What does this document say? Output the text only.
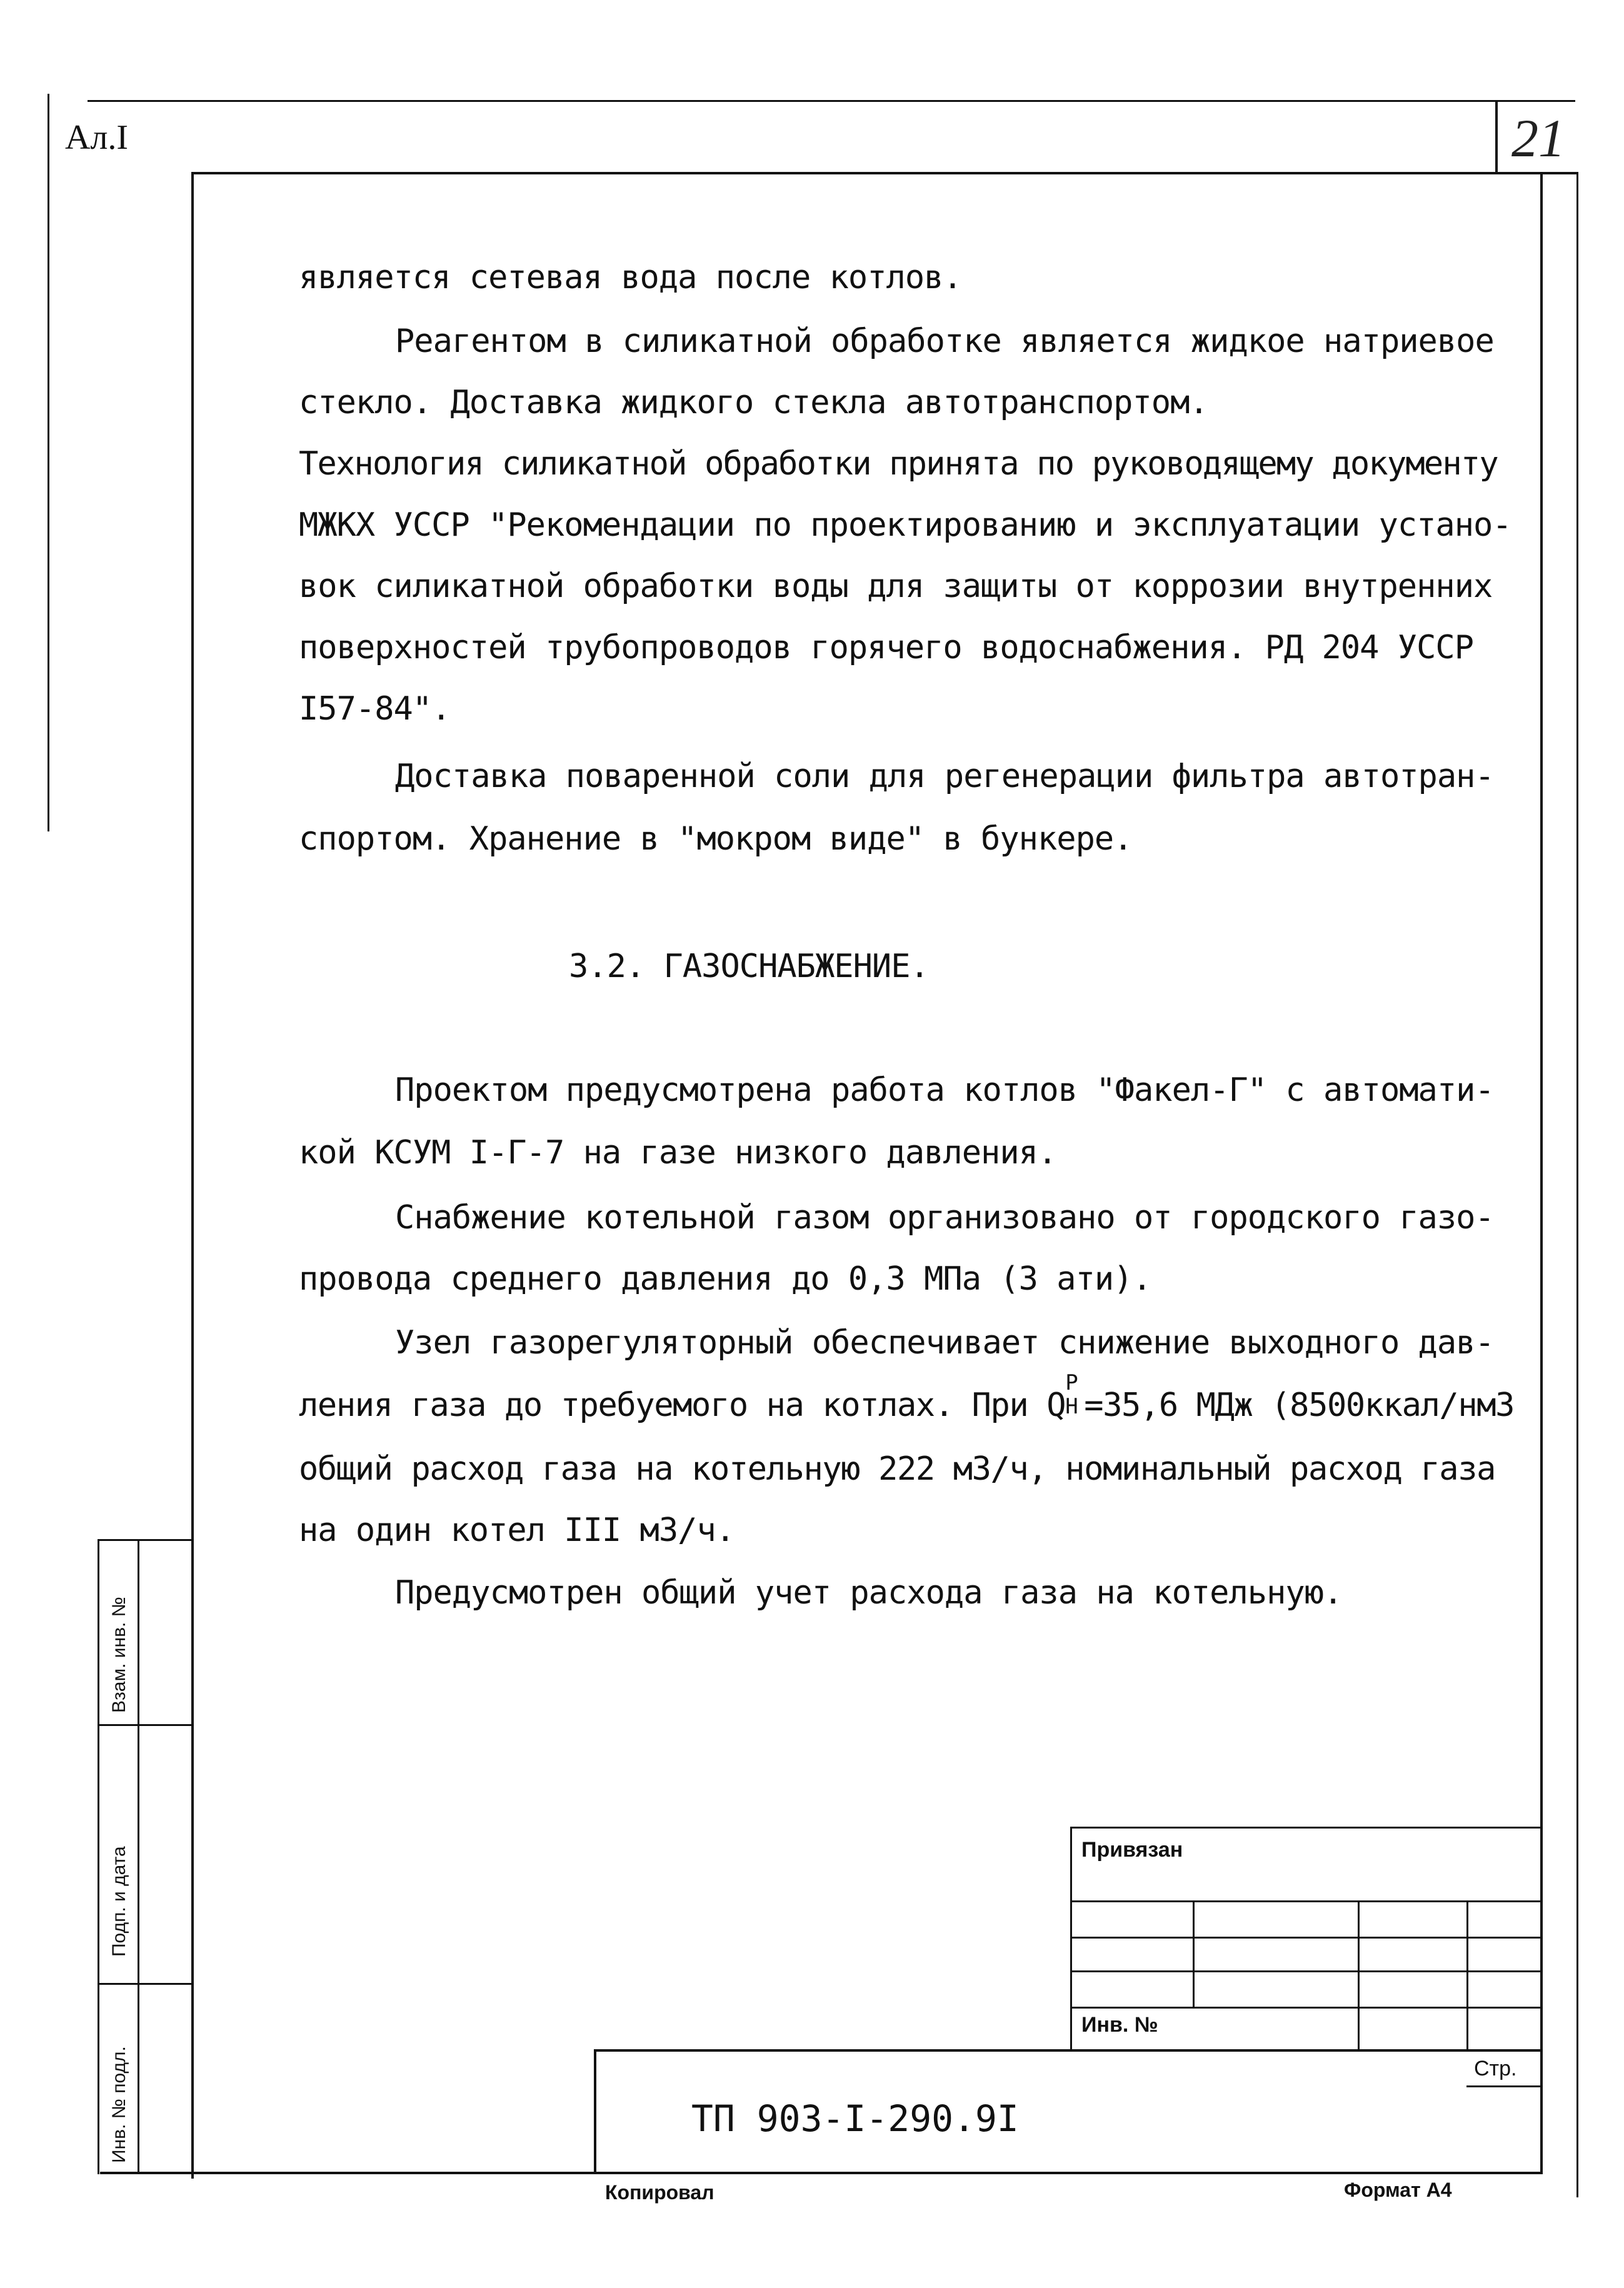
Ал.I	21
является сетевая вода после котлов.
Реагентом в силикатной обработке является жидкое натриевое
стекло. Доставка жидкого стекла автотранспортом.
Технология силикатной обработки принята по руководящему документу
МЖКХ УССР "Рекомендации по проектированию и эксплуатации устано-
вок силикатной обработки воды для защиты от коррозии внутренних
поверхностей трубопроводов горячего водоснабжения. РД 204 УССР
I57-84".
Доставка поваренной соли для регенерации фильтра автотран-
спортом. Хранение в "мокром виде" в бункере.
3.2. ГАЗОСНАБЖЕНИЕ.
Проектом предусмотрена работа котлов "Факел-Г" с автомати-
кой КСУМ I-Г-7 на газе низкого давления.
Снабжение котельной газом организовано от городского газо-
провода среднего давления до 0,3 МПа (3 ати).
Узел газорегуляторный обеспечивает снижение выходного дав-
ления газа до требуемого на котлах. При Q
Р
Н =35,6 МДж (8500ккал/нм3
общий расход газа на котельную 222 м3/ч, номинальный расход газа
на один котел III м3/ч.
Предусмотрен общий учет расхода газа на котельную.
Взам. инв. №
Подп. и дата
Инв. № подл.
Привязан
Инв. №
Стр.
ТП 903-I-290.9I
Копировал	Формат А4
